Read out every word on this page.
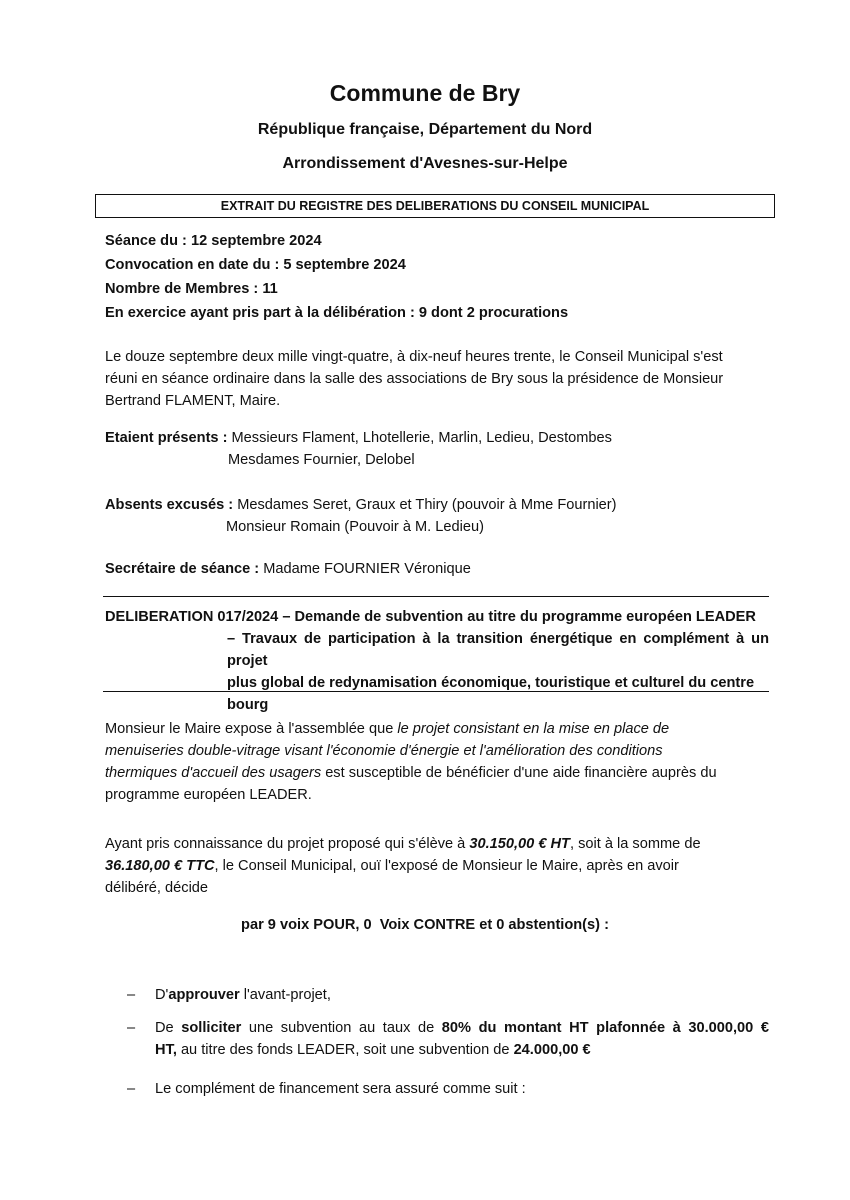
Commune de Bry
République française, Département du Nord
Arrondissement d'Avesnes-sur-Helpe
EXTRAIT DU REGISTRE DES DELIBERATIONS DU CONSEIL MUNICIPAL
Séance du : 12 septembre 2024
Convocation en date du : 5 septembre 2024
Nombre de Membres : 11
En exercice ayant pris part à la délibération : 9 dont 2 procurations
Le douze septembre deux mille vingt-quatre, à dix-neuf heures trente, le Conseil Municipal s'est
réuni en séance ordinaire dans la salle des associations de Bry sous la présidence de Monsieur
Bertrand FLAMENT, Maire.
Etaient présents : Messieurs Flament, Lhotellerie, Marlin, Ledieu, Destombes
Mesdames Fournier, Delobel
Absents excusés : Mesdames Seret, Graux et Thiry (pouvoir à Mme Fournier)
Monsieur Romain (Pouvoir à M. Ledieu)
Secrétaire de séance : Madame FOURNIER Véronique
DELIBERATION 017/2024 – Demande de subvention au titre du programme européen LEADER
– Travaux de participation à la transition énergétique en complément à un projet
plus global de redynamisation économique, touristique et culturel du centre
bourg
Monsieur le Maire expose à l'assemblée que le projet consistant en la mise en place de
menuiseries double-vitrage visant l'économie d'énergie et l'amélioration des conditions
thermiques d'accueil des usagers est susceptible de bénéficier d'une aide financière auprès du
programme européen LEADER.
Ayant pris connaissance du projet proposé qui s'élève à 30.150,00 € HT, soit à la somme de
36.180,00 € TTC, le Conseil Municipal, ouï l'exposé de Monsieur le Maire, après en avoir
délibéré, décide
par 9 voix POUR, 0  Voix CONTRE et 0 abstention(s) :
– D'approuver l'avant-projet,
– De solliciter une subvention au taux de 80% du montant HT plafonnée à 30.000,00 €
HT, au titre des fonds LEADER, soit une subvention de 24.000,00 €
– Le complément de financement sera assuré comme suit :
